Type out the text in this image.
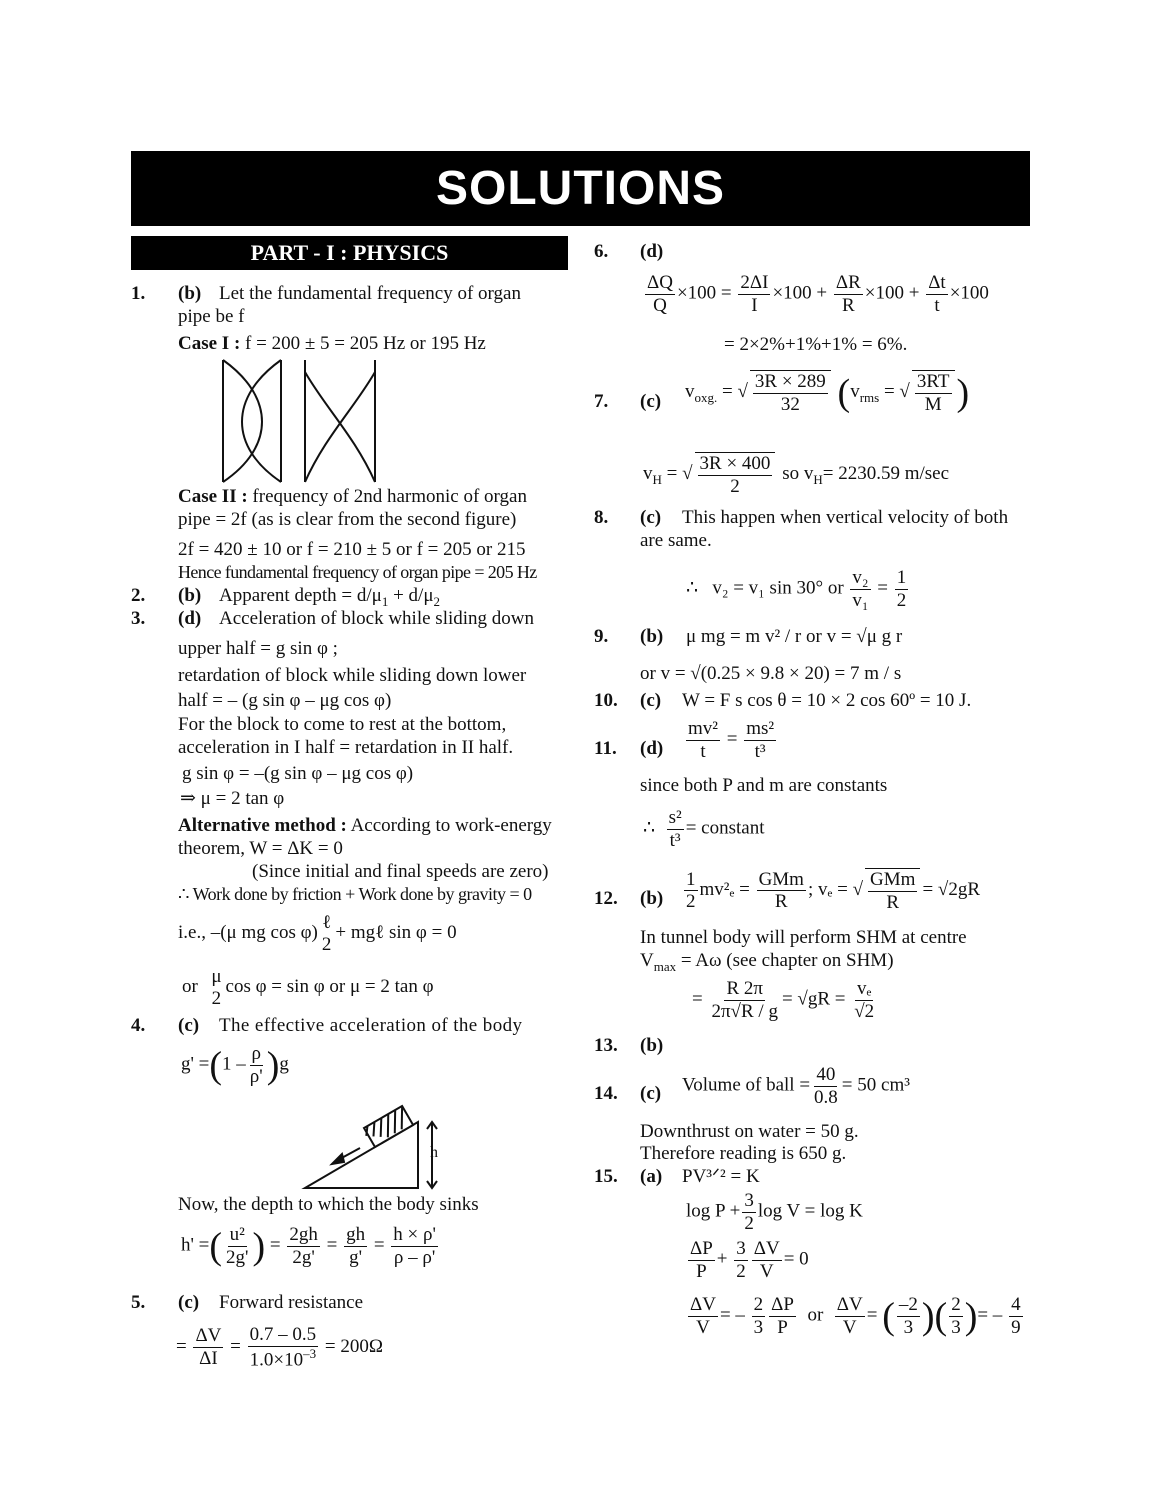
SOLUTIONS
PART - I : PHYSICS
1. (b) Let the fundamental frequency of organ
pipe be f
Case I : f = 200 ± 5 = 205 Hz or 195 Hz
Case II : frequency of 2nd harmonic of organ
pipe = 2f (as is clear from the second figure)
2f = 420 ± 10 or f = 210 ± 5 or f = 205 or 215
Hence fundamental frequency of organ pipe = 205 Hz
2. (b) Apparent depth = $d/\mu_1 + d/\mu_2$
3. (d) Acceleration of block while sliding down
upper half = g sin φ ;
retardation of block while sliding down lower
half = – (g sin φ – μg cos φ)
For the block to come to rest at the bottom,
acceleration in I half = retardation in II half.
g sin φ = –(g sin φ – μg cos φ)
⇒ μ = 2 tan φ
Alternative method : According to work-energy
theorem, W = ΔK = 0
(Since initial and final speeds are zero)
∴ Work done by friction + Work done by gravity = 0
i.e., –(μ mg cos φ) ℓ
2
+ mgℓ sin φ = 0
or μ
2
cos φ = sin φ or μ = 2 tan φ
4. (c) The effective acceleration of the body
$g' =(1 - \frac{\rho}{\rho'} )g$
h
Now, the depth to which the body sinks
h' =( $\frac{\text{u²}}{2g'}$ ) = $\frac{2gh}{2g'} = \frac{gh}{g'} = \frac{h \times \rho'}{\rho - \rho'}$
5. (c) Forward resistance
= $\frac{\Delta V}{\Delta I} = \frac{0.7 - 0.5}{1.0\times 10^{-3}} = 200\Omega$
6. (d)
$\frac{\Delta Q}{Q} \times 100 = \frac{2\Delta I}{I} \times 100 + \frac{\Delta R}{R} \times 100 + \frac{\Delta t}{t} \times 100$
= 2×2%+1%+1% = 6%.
7. (c) $v_{oxg.}$ = √ $\frac{3R \times 289}{32} (v_{rms}$ = √ $\frac{3RT}{M}$ )
$v_H$ = √ $\frac{3R \times 400}{2}$ so $v_H= 2230.59$ m/sec
8. (c) This happen when vertical velocity of both
are same.
∴ v₂ = v₁ sin 30° or $\frac{\text{v₂}}{\text{v₁}} = \frac{1}{2}$
9. (b) μ mg = m v² / r or v = √μ g r
or v = √(0.25 × 9.8 × 20) = 7 m / s
10. (c) W = F s cos θ = 10 × 2 cos 60º = 10 J.
11. $(d) \frac{\text{mv²}}{t} = \frac{\text{ms²}}{\text{t³}}$
since both P and m are constants
∴ $\frac{\text{s²}}{\text{t³}}$ = constant
12. $(b) \frac{1}{2} mv^2_e = \frac{\text{GMm}}{R}$ ; vₑ = √ $\frac{\text{GMm}}{R} = √2gR$
In tunnel body will perform SHM at centre
$V_{max} = A\omega$ (see chapter on SHM)
= $\frac{R 2\pi}{2\pi√R / g} = √gR = \frac{\text{vₑ}}{√2}$
13. (b)
14. (c) Volume of ball = $\frac{40}{0.8} = 50$ cm³
Downthrust on water = 50 g.
Therefore reading is 650 g.
15. (a) PV³ᐟ² = K
$\log P + \frac{3}{2}$ log V = log K
$\frac{\Delta P}{P} + \frac{3}{2} \frac{\Delta V}{V} = 0$
$\frac{\Delta V}{V}$ = – $\frac{2}{3} \frac{\Delta P}{P}$ or $\frac{\Delta V}{V}$ = ( $\frac{-2}{3}$ )( $\frac{2}{3}$ )= – $\frac{4}{9}$
